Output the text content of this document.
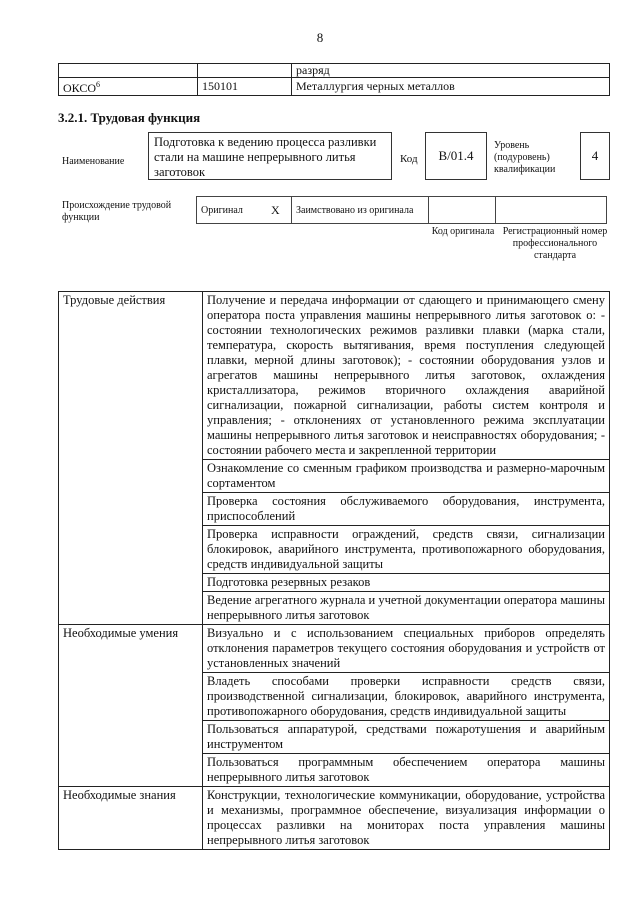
8
		разряд
ОКСО$^6$	150101	Металлургия черных металлов
3.2.1. Трудовая функция
Наименование
Подготовка к ведению процесса разливки стали на машине непрерывного литья заготовок
Код	B/01.4
Уровень (подуровень) квалификации
4
Происхождение трудовой функции
Оригинал	X	Заимствовано из оригинала		
Код оригинала Регистрационный номер профессионального стандарта
Трудовые действия	Получение и передача информации от сдающего и принимающего смену оператора поста управления машины непрерывного литья заготовок о: - состоянии технологических режимов разливки плавки (марка стали, температура, скорость вытягивания, время поступления следующей плавки, мерной длины заготовок); - состоянии оборудования узлов и агрегатов машины непрерывного литья заготовок, охлаждения кристаллизатора, режимов вторичного охлаждения аварийной сигнализации, пожарной сигнализации, работы систем контроля и управления; - отклонениях от установленного режима эксплуатации машины непрерывного литья заготовок и неисправностях оборудования; - состоянии рабочего места и закрепленной территории
	Ознакомление со сменным графиком производства и размерно-марочным сортаментом
	Проверка состояния обслуживаемого оборудования, инструмента, приспособлений
	Проверка исправности ограждений, средств связи, сигнализации блокировок, аварийного инструмента, противопожарного оборудования, средств индивидуальной защиты
	Подготовка резервных резаков
	Ведение агрегатного журнала и учетной документации оператора машины непрерывного литья заготовок
Необходимые умения	Визуально и с использованием специальных приборов определять отклонения параметров текущего состояния оборудования и устройств от установленных значений
	Владеть способами проверки исправности средств связи, производственной сигнализации, блокировок, аварийного инструмента, противопожарного оборудования, средств индивидуальной защиты
	Пользоваться аппаратурой, средствами пожаротушения и аварийным инструментом
	Пользоваться программным обеспечением оператора машины непрерывного литья заготовок
Необходимые знания	Конструкции, технологические коммуникации, оборудование, устройства и механизмы, программное обеспечение, визуализация информации о процессах разливки на мониторах поста управления машины непрерывного литья заготовок
